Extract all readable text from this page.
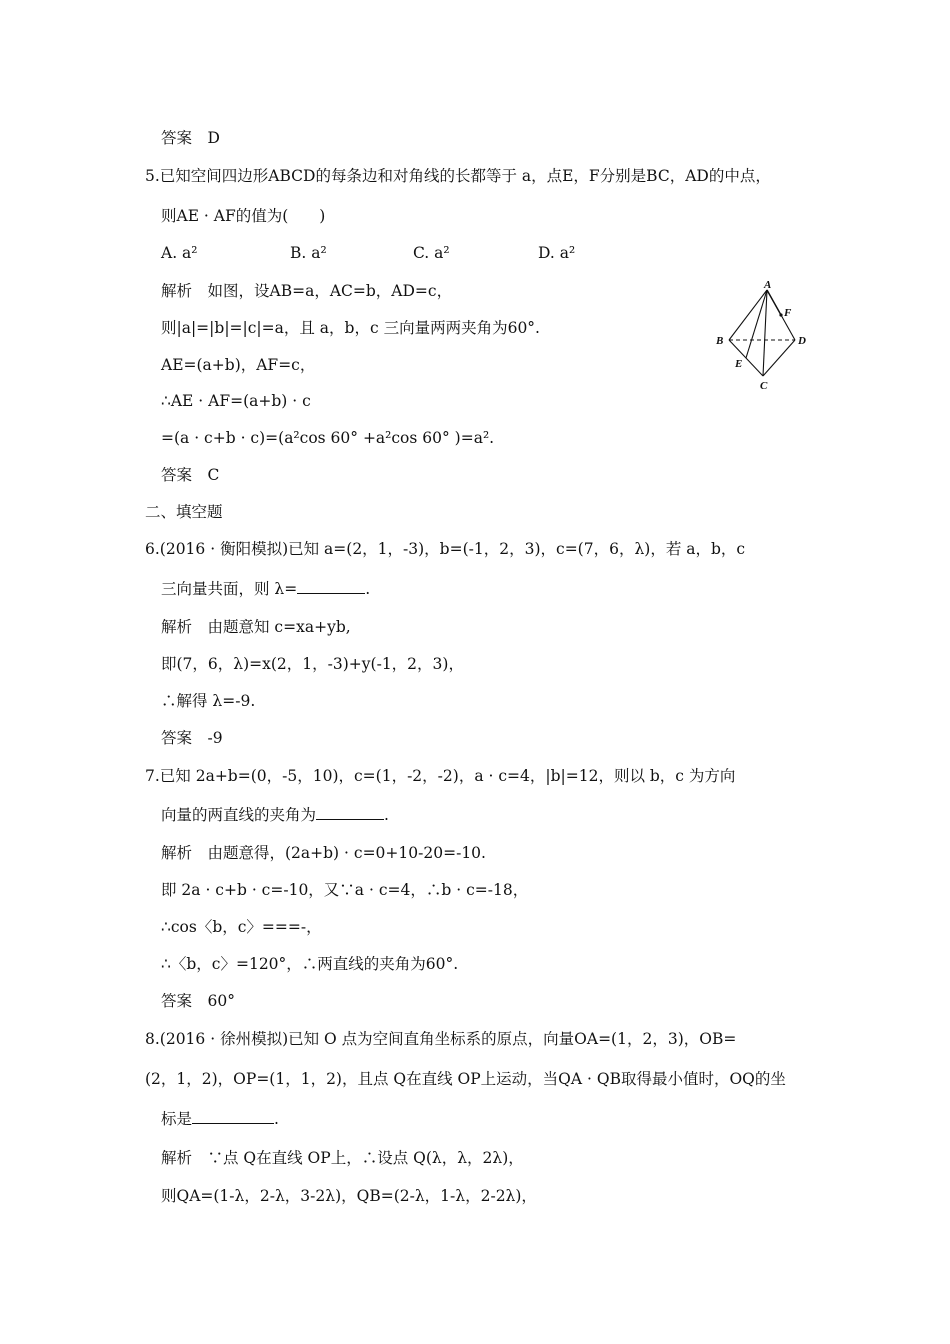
答案　D
5.已知空间四边形ABCD的每条边和对角线的长都等于 a，点E，F分别是BC，AD的中点，
则AE · AF的值为(　　)
A. a²	B. a²	C. a²	D. a²
解析　如图，设AB=a，AC=b，AD=c，
则|a|=|b|=|c|=a，且 a，b，c 三向量两两夹角为60°.
AE=(a+b)，AF=c，
∴AE · AF=(a+b) · c
=(a · c+b · c)=(a²cos 60° +a²cos 60° )=a².
答案　C
A
B
C
D
E
F
二、填空题
6.(2016 · 衡阳模拟)已知 a=(2，1，-3)，b=(-1，2，3)，c=(7，6，λ)，若 a，b，c
三向量共面，则 λ=	.
解析　由题意知 c=xa+yb,
即(7，6，λ)=x(2，1，-3)+y(-1，2，3)，
∴解得 λ=-9.
答案　-9
7.已知 2a+b=(0，-5，10)，c=(1，-2，-2)，a · c=4，|b|=12，则以 b，c 为方向
向量的两直线的夹角为	.
解析　由题意得，(2a+b) · c=0+10-20=-10.
即 2a · c+b · c=-10，又∵a · c=4，∴b · c=-18，
∴cos〈b，c〉===-，
∴〈b，c〉=120°，∴两直线的夹角为60°.
答案　60°
8.(2016 · 徐州模拟)已知 O 点为空间直角坐标系的原点，向量OA=(1，2，3)，OB=
(2，1，2)，OP=(1，1，2)，且点 Q在直线 OP上运动，当QA · QB取得最小值时，OQ的坐
标是	.
解析　∵点 Q在直线 OP上，∴设点 Q(λ，λ，2λ)，
则QA=(1-λ，2-λ，3-2λ)，QB=(2-λ，1-λ，2-2λ)，
